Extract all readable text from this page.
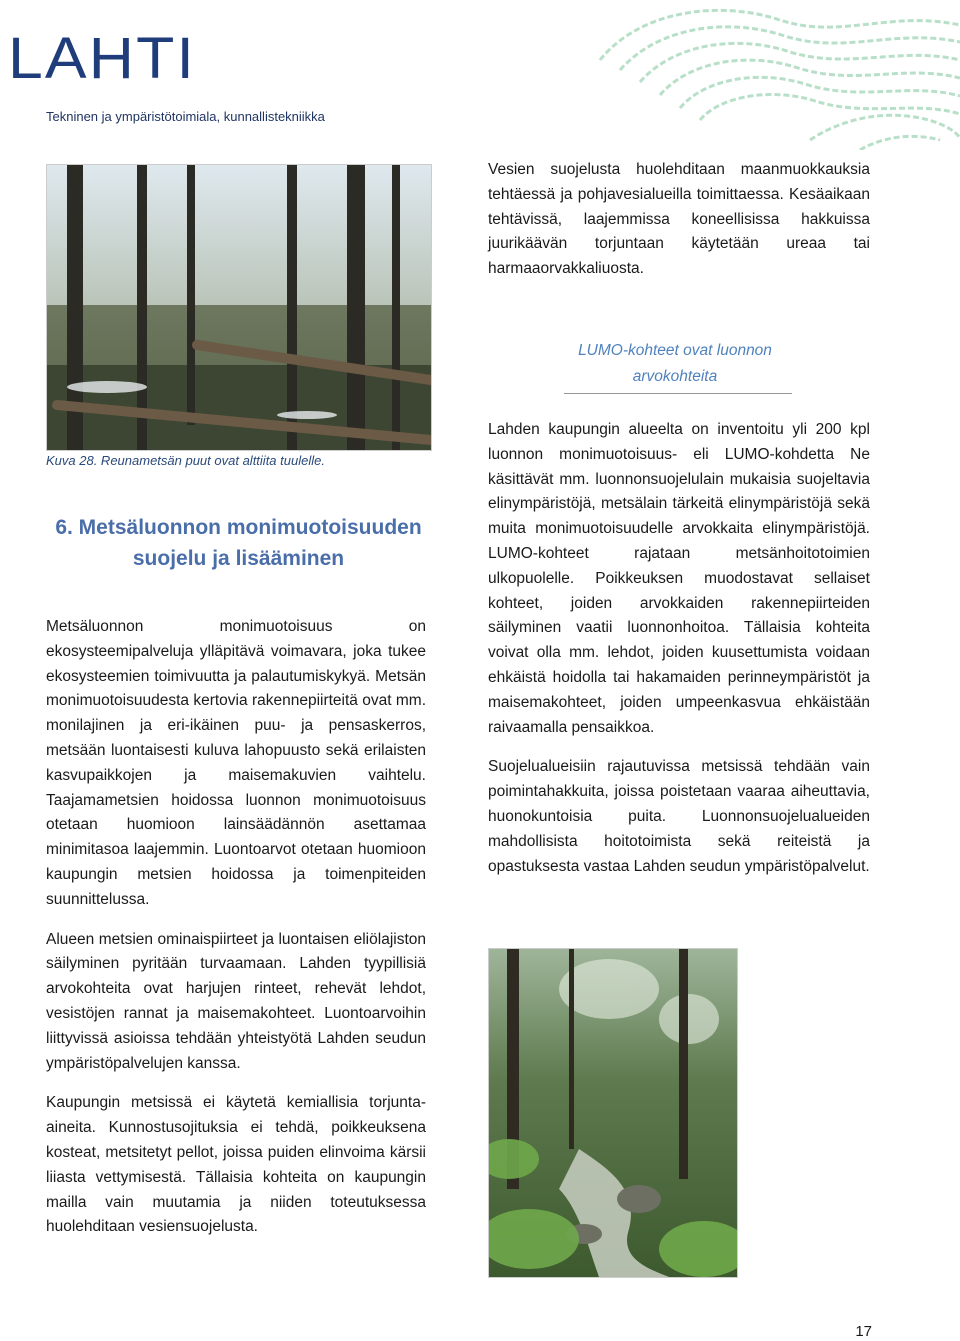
LAHTI
Tekninen ja ympäristötoimiala, kunnallistekniikka
Kuva 28. Reunametsän puut ovat alttiita tuulelle.
6. Metsäluonnon monimuotoisuuden suojelu ja lisääminen

Metsäluonnon monimuotoisuus on ekosysteemipalveluja ylläpitävä voimavara, joka tukee ekosysteemien toimivuutta ja palautumiskykyä. Metsän monimuotoisuudesta kertovia rakennepiirteitä ovat mm. monilajinen ja eri-ikäinen puu- ja pensaskerros, metsään luontaisesti kuluva lahopuusto sekä erilaisten kasvupaikkojen ja maisemakuvien vaihtelu. Taajamametsien hoidossa luonnon monimuotoisuus otetaan huomioon lainsäädännön asettamaa minimitasoa laajemmin. Luontoarvot otetaan huomioon kaupungin metsien hoidossa ja toimenpiteiden suunnittelussa.

Alueen metsien ominaispiirteet ja luontaisen eliölajiston säilyminen pyritään turvaamaan. Lahden tyypillisiä arvokohteita ovat harjujen rinteet, rehevät lehdot, vesistöjen rannat ja maisemakohteet. Luontoarvoihin liittyvissä asioissa tehdään yhteistyötä Lahden seudun ympäristöpalvelujen kanssa.

Kaupungin metsissä ei käytetä kemiallisia torjunta-aineita. Kunnostusojituksia ei tehdä, poikkeuksena kosteat, metsitetyt pellot, joissa puiden elinvoima kärsii liiasta vettymisestä. Tällaisia kohteita on kaupungin mailla vain muutamia ja niiden toteutuksessa huolehditaan vesiensuojelusta.

Vesien suojelusta huolehditaan maanmuokkauksia tehtäessä ja pohjavesialueilla toimittaessa. Kesäaikaan tehtävissä, laajemmissa koneellisissa hakkuissa juurikäävän torjuntaan käytetään ureaa tai harmaaorvakkaliuosta.

LUMO-kohteet ovat luonnon arvokohteita

Lahden kaupungin alueelta on inventoitu yli 200 kpl luonnon monimuotoisuus- eli LUMO-kohdetta Ne käsittävät mm. luonnonsuojelulain mukaisia suojeltavia elinympäristöjä, metsälain tärkeitä elinympäristöjä sekä muita monimuotoisuudelle arvokkaita elinympäristöjä. LUMO-kohteet rajataan metsänhoitotoimien ulkopuolelle. Poikkeuksen muodostavat sellaiset kohteet, joiden arvokkaiden rakennepiirteiden säilyminen vaatii luonnonhoitoa. Tällaisia kohteita voivat olla mm. lehdot, joiden kuusettumista voidaan ehkäistä hoidolla tai hakamaiden perinneympäristöt ja maisemakohteet, joiden umpeenkasvua ehkäistään raivaamalla pensaikkoa.

Suojelualueisiin rajautuvissa metsissä tehdään vain poimintahakkuita, joissa poistetaan vaaraa aiheuttavia, huonokuntoisia puita. Luonnonsuojelualueiden mahdollisista hoitotoimista sekä reiteistä ja opastuksesta vastaa Lahden seudun ympäristöpalvelut.

17
